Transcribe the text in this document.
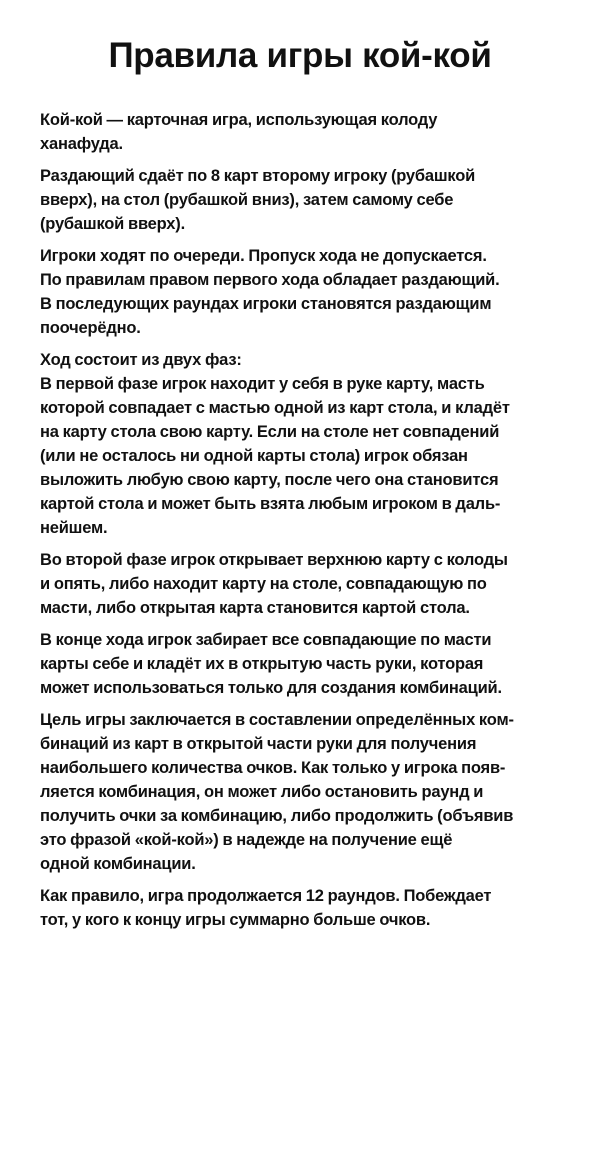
Правила игры кой-кой

Кой-кой — карточная игра, использующая колоду
ханафуда.

Раздающий сдаёт по 8 карт второму игроку (рубашкой
вверх), на стол (рубашкой вниз), затем самому себе
(рубашкой вверх).

Игроки ходят по очереди. Пропуск хода не допускается.
По правилам правом первого хода обладает раздающий.
В последующих раундах игроки становятся раздающим
поочерёдно.

Ход состоит из двух фаз:
В первой фазе игрок находит у себя в руке карту, масть
которой совпадает с мастью одной из карт стола, и кладёт
на карту стола свою карту. Если на столе нет совпадений
(или не осталось ни одной карты стола) игрок обязан
выложить любую свою карту, после чего она становится
картой стола и может быть взята любым игроком в даль-
нейшем.

Во второй фазе игрок открывает верхнюю карту с колоды
и опять, либо находит карту на столе, совпадающую по
масти, либо открытая карта становится картой стола.

В конце хода игрок забирает все совпадающие по масти
карты себе и кладёт их в открытую часть руки, которая
может использоваться только для создания комбинаций.

Цель игры заключается в составлении определённых ком-
бинаций из карт в открытой части руки для получения
наибольшего количества очков. Как только у игрока появ-
ляется комбинация, он может либо остановить раунд и
получить очки за комбинацию, либо продолжить (объявив
это фразой «кой-кой») в надежде на получение ещё
одной комбинации.

Как правило, игра продолжается 12 раундов. Побеждает
тот, у кого к концу игры суммарно больше очков.
